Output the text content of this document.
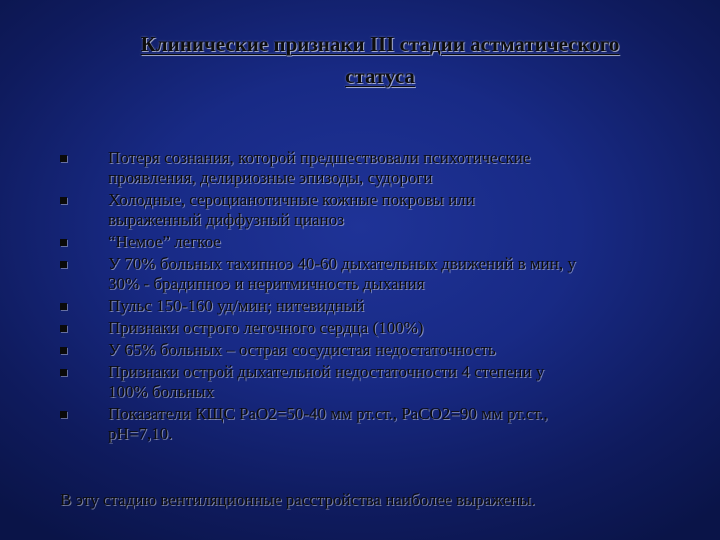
Клинические признаки III стадии астматического
статуса
Потеря сознания, которой предшествовали психотические
проявления, делириозные эпизоды, судороги
Холодные, сероцианотичные кожные покровы или
выраженный диффузный цианоз
“Немое” легкое
У 70% больных тахипноэ 40-60 дыхательных движений в мин, у
30% - брадипноэ и неритмичность дыхания
Пульс 150-160 уд/мин; нитевидный
Признаки острого легочного сердца (100%)
У 65% больных – острая сосудистая недостаточность
Признаки острой дыхательной недостаточности 4 степени у
100% больных
Показатели КЩС PaO2=50-40 мм рт.ст., PaCO2=90 мм рт.ст.,
pH=7,10.
В эту стадию вентиляционные расстройства наиболее выражены.
